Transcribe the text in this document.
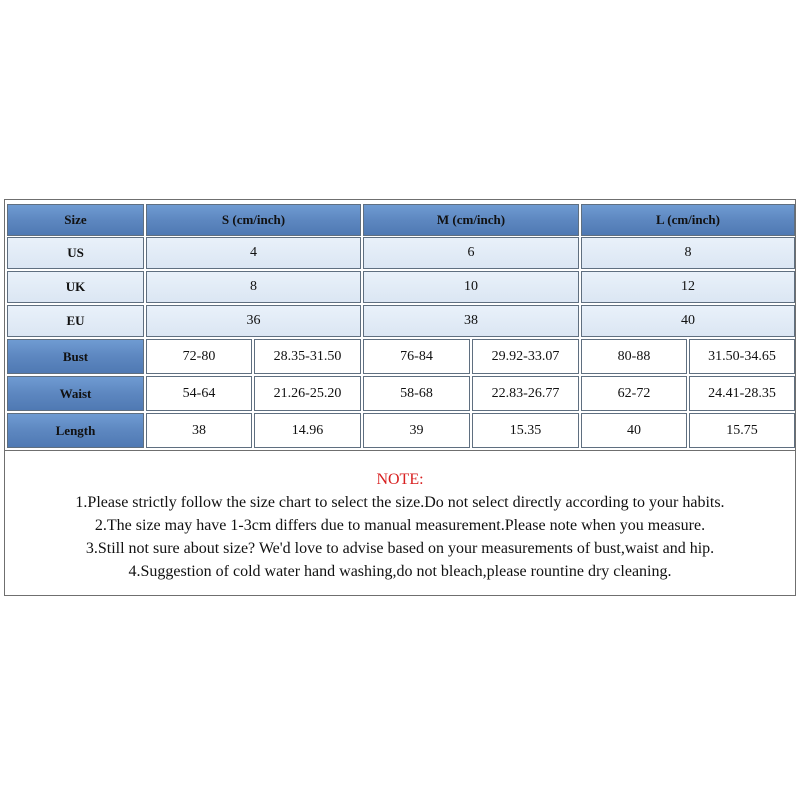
Size	S (cm/inch)	M (cm/inch)	L (cm/inch)
US	4	6	8
UK	8	10	12
EU	36	38	40
Bust	72-80	28.35-31.50	76-84	29.92-33.07	80-88	31.50-34.65
Waist	54-64	21.26-25.20	58-68	22.83-26.77	62-72	24.41-28.35
Length	38	14.96	39	15.35	40	15.75
NOTE:
1.Please strictly follow the size chart to select the size.Do not select directly according to your habits.
2.The size may have 1-3cm differs due to manual measurement.Please note when you measure.
3.Still not sure about size? We'd love to advise based on your measurements of bust,waist and hip.
4.Suggestion of cold water hand washing,do not bleach,please rountine dry cleaning.
